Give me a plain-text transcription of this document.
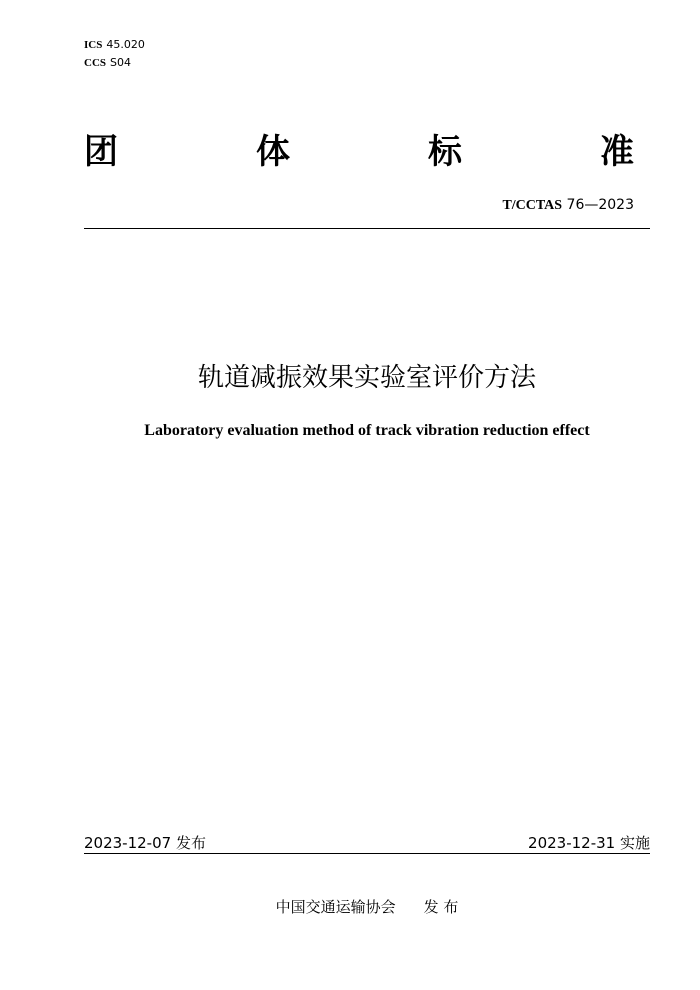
ICS 45.020
CCS S04
团	体	标	准
T/CCTAS 76—2023
轨道减振效果实验室评价方法
Laboratory evaluation method of track vibration reduction effect
2023-12-07 发布	2023-12-31 实施
中国交通运输协会 发 布
